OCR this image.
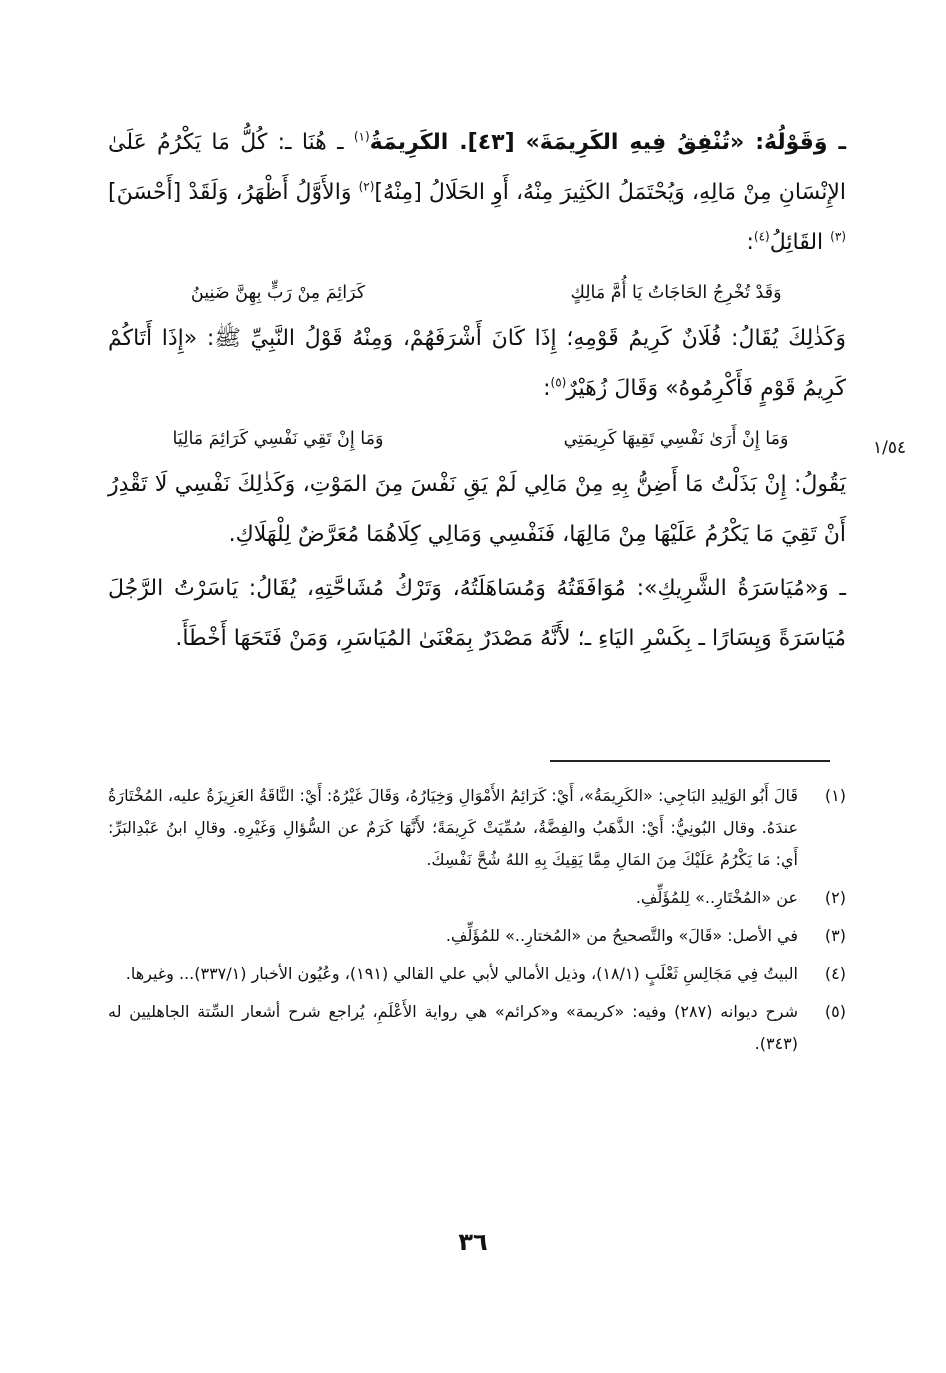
ـ وَقَوْلُهُ: «تُنْفِقُ فِيهِ الكَرِيمَةَ» [٤٣]. الكَرِيمَةُ$^{(١)}$ ـ هُنَا ـ: كُلُّ مَا يَكْرُمُ عَلَىٰ الإِنْسَانِ مِنْ مَالِهِ، وَيُحْتَمَلُ الكَثِيرَ مِنْهُ، أَوِ الحَلَالُ [مِنْهُ]$^{(٢)}$ وَالأَوَّلُ أَظْهَرُ، وَلَقَدْ [أَحْسَنَ]$^{(٣)}$ القَائِلُ$^{(٤)}$:

وَقَدْ تُخْرِجُ الحَاجَاتُ يَا أُمَّ مَالِكٍ
كَرَائِمَ مِنْ رَبٍّ بِهِنَّ ضَنِينُ

وَكَذٰلِكَ يُقَالُ: فُلَانٌ كَرِيمُ قَوْمِهِ؛ إِذَا كَانَ أَشْرَفَهُمْ، وَمِنْهُ قَوْلُ النَّبِيِّ ﷺ: «إِذَا أَتَاكُمْ كَرِيمُ قَوْمٍ فَأَكْرِمُوهُ» وَقَالَ زُهَيْرٌ$^{(٥)}$:

وَمَا إِنْ أَرَىٰ نَفْسِي تَقِيهَا كَرِيمَتِي
وَمَا إِنْ تَقِي نَفْسِي كَرَائِمَ مَالِيَا

يَقُولُ: إِنْ بَذَلْتُ مَا أَضِنُّ بِهِ مِنْ مَالِي لَمْ يَقِ نَفْسَ مِنَ المَوْتِ، وَكَذٰلِكَ نَفْسِي لَا تَقْدِرُ أَنْ تَقِيَ مَا يَكْرُمُ عَلَيْهَا مِنْ مَالِهَا، فَنَفْسِي وَمَالِي كِلَاهُمَا مُعَرَّضٌ لِلْهَلَاكِ.

ـ وَ«مُيَاسَرَةُ الشَّرِيكِ»: مُوَافَقَتُهُ وَمُسَاهَلَتُهُ، وَتَرْكُ مُشَاحَّتِهِ، يُقَالُ: يَاسَرْتُ الرَّجُلَ مُيَاسَرَةً وَيِسَارًا ـ بِكَسْرِ اليَاءِ ـ؛ لأَنَّهُ مَصْدَرٌ بِمَعْنَىٰ المُيَاسَرِ، وَمَنْ فَتَحَهَا أَخْطَأَ.

١/٥٤
(١)
قَالَ أَبُو الوَلِيدِ البَاجِي: «الكَرِيمَةُ»، أَيْ: كَرَائِمُ الأَمْوَالِ وَخِيَارُهُ، وَقَالَ غَيْرُهُ: أَيْ: النَّاقَةُ العَزِيزَةُ عليه، المُخْتَارَةُ عندَهُ. وقال البُونِيُّ: أَيْ: الذَّهَبُ والفِضَّةُ، سُمِّيَتْ كَرِيمَةً؛ لأَنَّهَا كَرَمٌ عن السُّؤالِ وَغَيْرِهِ. وقالِ ابنُ عَبْدِالبَرِّ: أَي: مَا يَكْرُمُ عَلَيْكَ مِنَ المَالِ مِمَّا يَقِيكَ بِهِ اللهُ شُحَّ نَفْسِكَ.
(٢)
عن «المُخْتَارِ..» لِلمُؤَلِّفِ.
(٣)
في الأصل: «قَالَ» والتَّصحيحُ من «المُختارِ..» للمُؤَلِّفِ.
(٤)
البيتُ فِي مَجَالِسِ ثَعْلَبٍ (١٨/١)، وذيل الأمالي لأبي علي القالي (١٩١)، وعُيُون الأخبار (٣٣٧/١)... وغيرها.
(٥)
شرح ديوانه (٢٨٧) وفيه: «كريمة» و«كرائم» هي رواية الأَعْلَمِ، يُراجع شرح أشعار السِّتة الجاهليين له (٣٤٣).
٣٦
